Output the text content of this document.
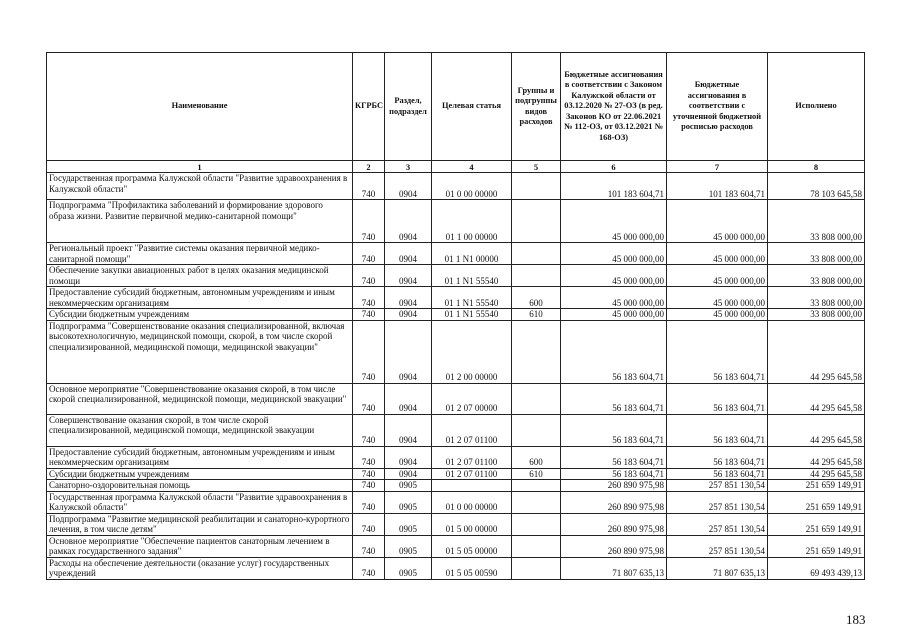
Наименование	КГРБС	Раздел, подраздел	Целевая статья	Группы и подгруппы видов расходов	Бюджетные ассигнования в соответствии с Законом Калужской области от 03.12.2020 № 27-ОЗ (в ред. Законов КО от 22.06.2021 № 112-ОЗ, от 03.12.2021 № 168-ОЗ)	Бюджетные ассигнования в соответствии с уточненной бюджетной росписью расходов	Исполнено
1	2	3	4	5	6	7	8
Государственная программа Калужской области "Развитие здравоохранения в Калужской области"	740	0904	01 0 00 00000		101 183 604,71	101 183 604,71	78 103 645,58
Подпрограмма "Профилактика заболеваний и формирование здорового образа жизни. Развитие первичной медико-санитарной помощи"	740	0904	01 1 00 00000		45 000 000,00	45 000 000,00	33 808 000,00
Региональный проект "Развитие системы оказания первичной медико-санитарной помощи"	740	0904	01 1 N1 00000		45 000 000,00	45 000 000,00	33 808 000,00
Обеспечение закупки авиационных работ в целях оказания медицинской помощи	740	0904	01 1 N1 55540		45 000 000,00	45 000 000,00	33 808 000,00
Предоставление субсидий бюджетным, автономным учреждениям и иным некоммерческим организациям	740	0904	01 1 N1 55540	600	45 000 000,00	45 000 000,00	33 808 000,00
Субсидии бюджетным учреждениям	740	0904	01 1 N1 55540	610	45 000 000,00	45 000 000,00	33 808 000,00
Подпрограмма "Совершенствование оказания специализированной, включая высокотехнологичную, медицинской помощи, скорой, в том числе скорой специализированной, медицинской помощи, медицинской эвакуации"	740	0904	01 2 00 00000		56 183 604,71	56 183 604,71	44 295 645,58
Основное мероприятие "Совершенствование оказания скорой, в том числе скорой специализированной, медицинской помощи, медицинской эвакуации"	740	0904	01 2 07 00000		56 183 604,71	56 183 604,71	44 295 645,58
Совершенствование оказания скорой, в том числе скорой специализированной, медицинской помощи, медицинской эвакуации	740	0904	01 2 07 01100		56 183 604,71	56 183 604,71	44 295 645,58
Предоставление субсидий бюджетным, автономным учреждениям и иным некоммерческим организациям	740	0904	01 2 07 01100	600	56 183 604,71	56 183 604,71	44 295 645,58
Субсидии бюджетным учреждениям	740	0904	01 2 07 01100	610	56 183 604,71	56 183 604,71	44 295 645,58
Санаторно-оздоровительная помощь	740	0905			260 890 975,98	257 851 130,54	251 659 149,91
Государственная программа Калужской области "Развитие здравоохранения в Калужской области"	740	0905	01 0 00 00000		260 890 975,98	257 851 130,54	251 659 149,91
Подпрограмма "Развитие медицинской реабилитации и санаторно-курортного лечения, в том числе детям"	740	0905	01 5 00 00000		260 890 975,98	257 851 130,54	251 659 149,91
Основное мероприятие "Обеспечение пациентов санаторным лечением в рамках государственного задания"	740	0905	01 5 05 00000		260 890 975,98	257 851 130,54	251 659 149,91
Расходы на обеспечение деятельности (оказание услуг) государственных учреждений	740	0905	01 5 05 00590		71 807 635,13	71 807 635,13	69 493 439,13
183
